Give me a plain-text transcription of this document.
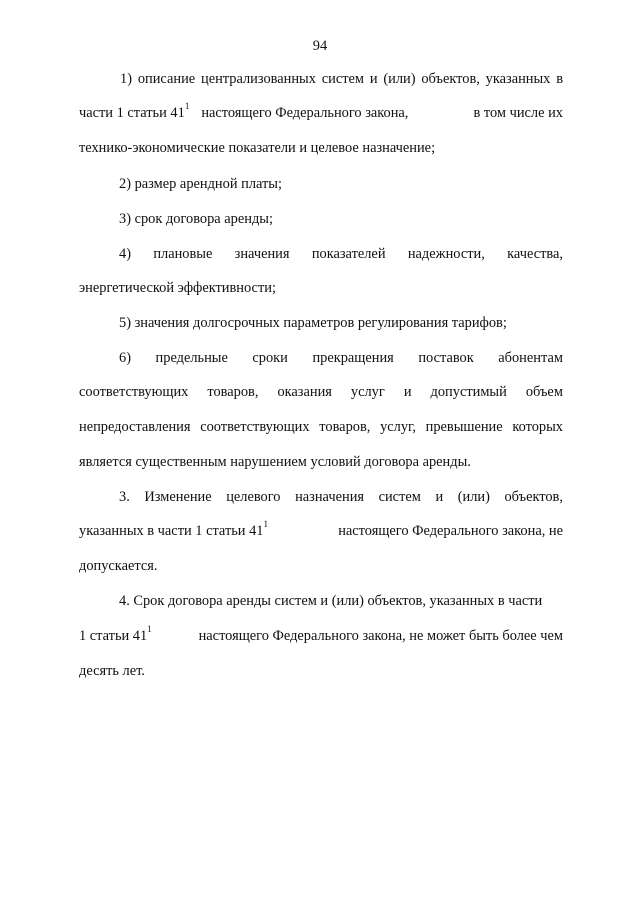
94
1) описание централизованных систем и (или) объектов, указанных в
части 1 статьи $41^1$ настоящего Федерального закона,	в том числе их
технико-экономические показатели и целевое назначение;
2) размер арендной платы;
3) срок договора аренды;
4) плановые значения показателей надежности, качества,
энергетической эффективности;
5) значения долгосрочных параметров регулирования тарифов;
6) предельные сроки прекращения поставок абонентам
соответствующих товаров, оказания услуг и допустимый объем
непредоставления соответствующих товаров, услуг, превышение которых
является существенным нарушением условий договора аренды.
3. Изменение целевого назначения систем и (или) объектов,
указанных в части 1 статьи $41^1$	настоящего Федерального закона, не
допускается.
4. Срок договора аренды систем и (или) объектов, указанных в части
1 статьи $41^1$	настоящего Федерального закона, не может быть более чем
десять лет.
